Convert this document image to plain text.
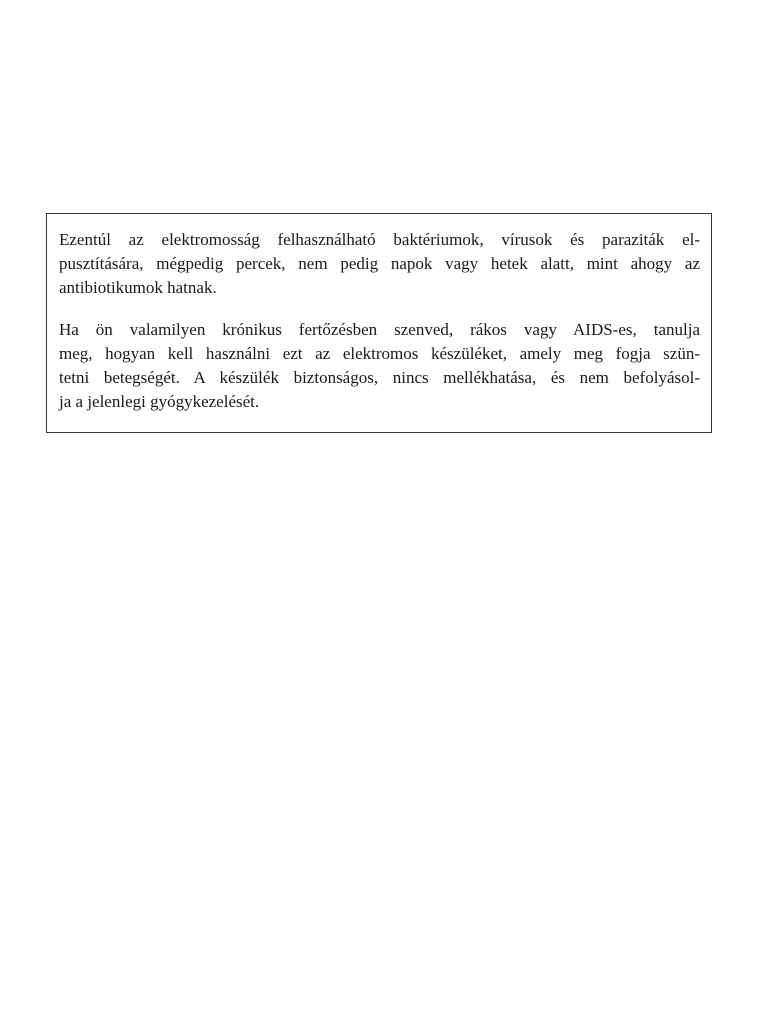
Ezentúl az elektromosság felhasználható baktériumok, vírusok és paraziták el-
pusztítására, mégpedig percek, nem pedig napok vagy hetek alatt, mint ahogy az
antibiotikumok hatnak.

Ha ön valamilyen krónikus fertőzésben szenved, rákos vagy AIDS-es, tanulja
meg, hogyan kell használni ezt az elektromos készüléket, amely meg fogja szün-
tetni betegségét. A készülék biztonságos, nincs mellékhatása, és nem befolyásol-
ja a jelenlegi gyógykezelését.
